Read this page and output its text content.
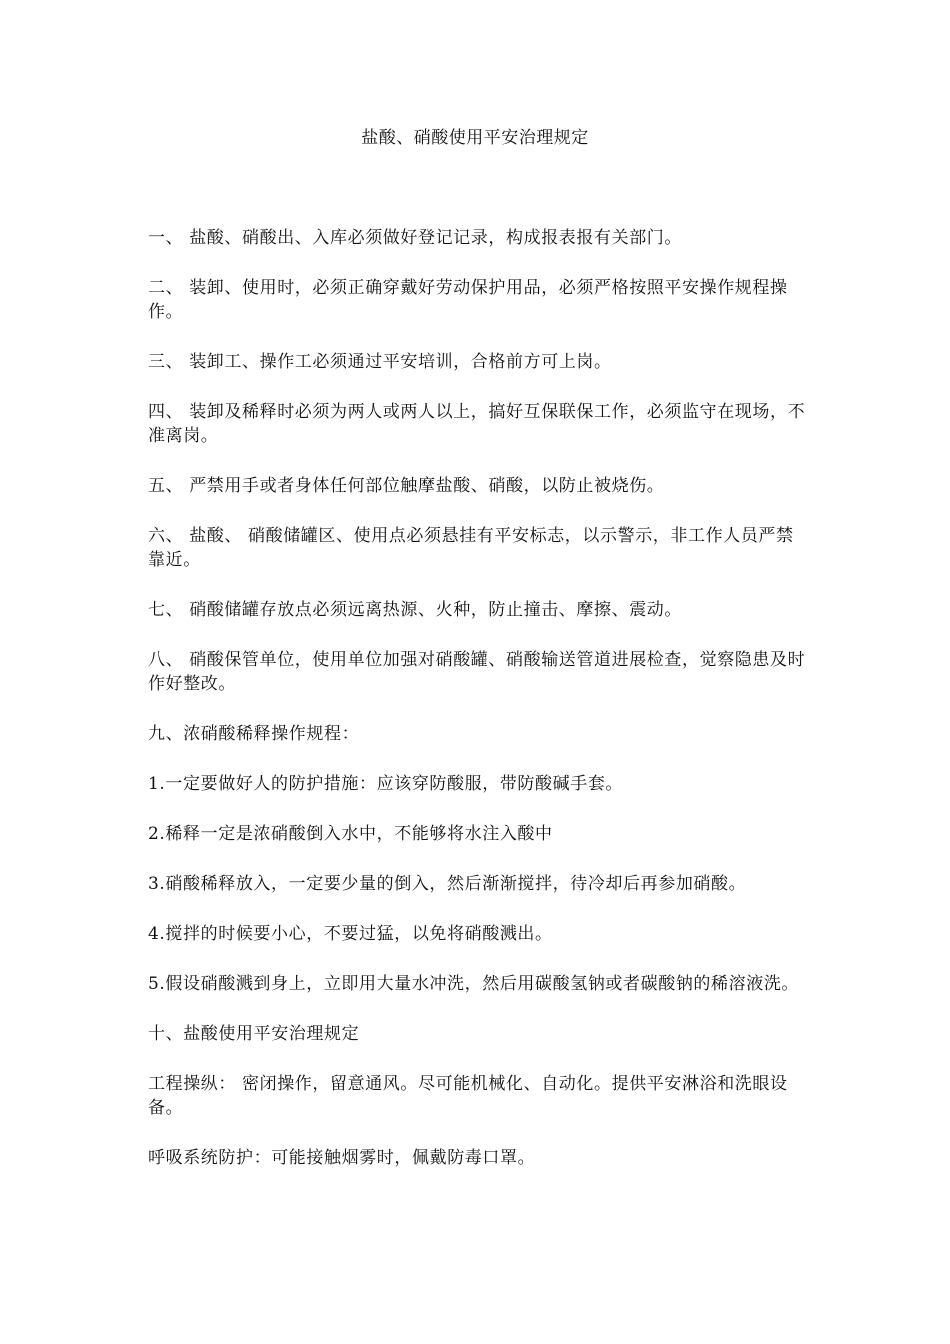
盐酸、硝酸使用平安治理规定

一、 盐酸、硝酸出、入库必须做好登记记录，构成报表报有关部门。

二、 装卸、使用时，必须正确穿戴好劳动保护用品，必须严格按照平安操作规程操作。

三、 装卸工、操作工必须通过平安培训，合格前方可上岗。

四、 装卸及稀释时必须为两人或两人以上，搞好互保联保工作，必须监守在现场，不准离岗。

五、 严禁用手或者身体任何部位触摩盐酸、硝酸，以防止被烧伤。

六、 盐酸、 硝酸储罐区、使用点必须悬挂有平安标志，以示警示，非工作人员严禁靠近。

七、 硝酸储罐存放点必须远离热源、火种，防止撞击、摩擦、震动。

八、 硝酸保管单位，使用单位加强对硝酸罐、硝酸输送管道进展检查，觉察隐患及时作好整改。

九、浓硝酸稀释操作规程：

1.一定要做好人的防护措施：应该穿防酸服，带防酸碱手套。

2.稀释一定是浓硝酸倒入水中，不能够将水注入酸中

3.硝酸稀释放入，一定要少量的倒入，然后渐渐搅拌，待冷却后再参加硝酸。

4.搅拌的时候要小心，不要过猛，以免将硝酸溅出。

5.假设硝酸溅到身上，立即用大量水冲洗，然后用碳酸氢钠或者碳酸钠的稀溶液洗。

十、盐酸使用平安治理规定

工程操纵： 密闭操作，留意通风。尽可能机械化、自动化。提供平安淋浴和洗眼设备。

呼吸系统防护：可能接触烟雾时，佩戴防毒口罩。
